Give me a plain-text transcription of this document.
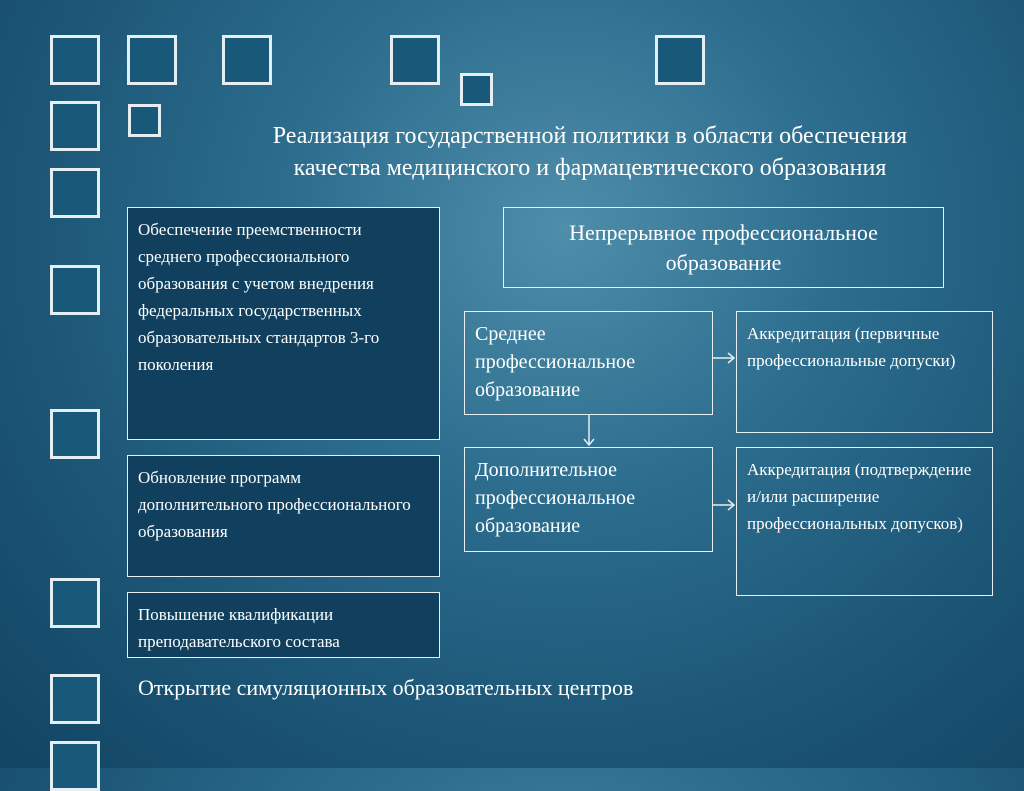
Реализация государственной политики в области обеспечения
качества медицинского и фармацевтического образования
Обеспечение преемственности среднего профессионального образования с учетом внедрения федеральных государственных образовательных стандартов 3-го поколения
Обновление программ дополнительного профессионального образования
Повышение квалификации преподавательского состава
Открытие симуляционных образовательных центров
Непрерывное профессиональное образование
Среднее профессиональное образование
Дополнительное профессиональное образование
Аккредитация (первичные профессиональные допуски)
Аккредитация (подтверждение и/или расширение профессиональных допусков)
